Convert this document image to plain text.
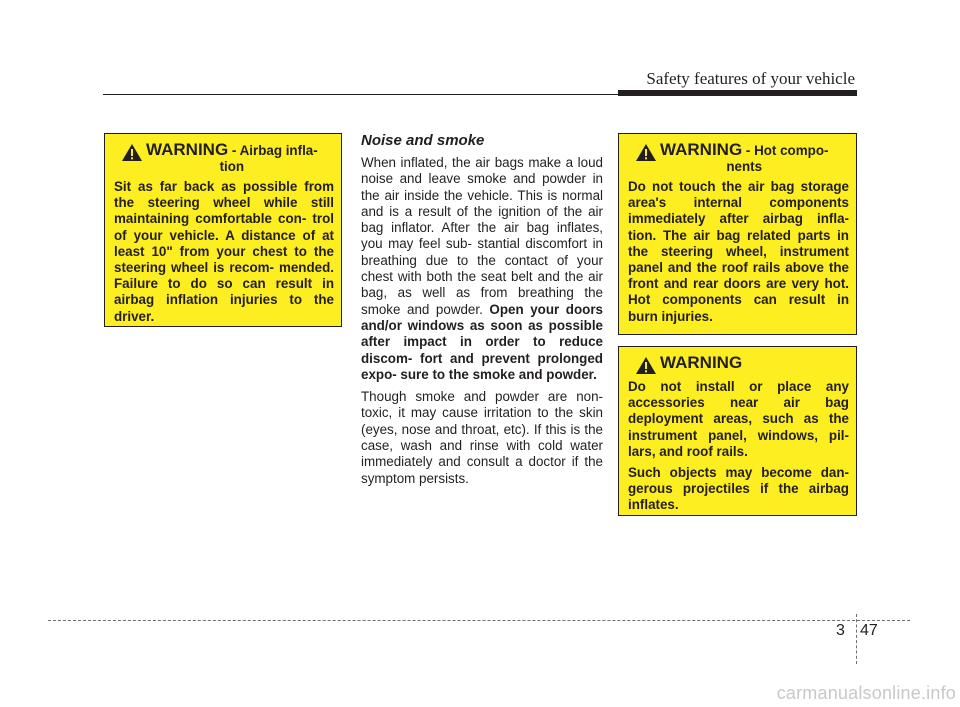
Safety features of your vehicle
WARNING - Airbag infla-
tion

Sit as far back as possible from the steering wheel while still maintaining comfortable con- trol of your vehicle. A distance of at least 10" from your chest to the steering wheel is recom- mended. Failure to do so can result in airbag inflation injuries to the driver.

Noise and smoke

When inflated, the air bags make a loud noise and leave smoke and powder in the air inside the vehicle. This is normal and is a result of the ignition of the air bag inflator. After the air bag inflates, you may feel sub- stantial discomfort in breathing due to the contact of your chest with both the seat belt and the air bag, as well as from breathing the smoke and powder. Open your doors and/or windows as soon as possible after impact in order to reduce discom- fort and prevent prolonged expo- sure to the smoke and powder.

Though smoke and powder are non- toxic, it may cause irritation to the skin (eyes, nose and throat, etc). If this is the case, wash and rinse with cold water immediately and consult a doctor if the symptom persists.

WARNING - Hot compo-
nents

Do not touch the air bag storage area's internal components immediately after airbag infla- tion. The air bag related parts in the steering wheel, instrument panel and the roof rails above the front and rear doors are very hot. Hot components can result in burn injuries.

WARNING

Do not install or place any accessories near air bag deployment areas, such as the instrument panel, windows, pil- lars, and roof rails.

Such objects may become dan- gerous projectiles if the airbag inflates.

3 47
carmanualsonline.info
